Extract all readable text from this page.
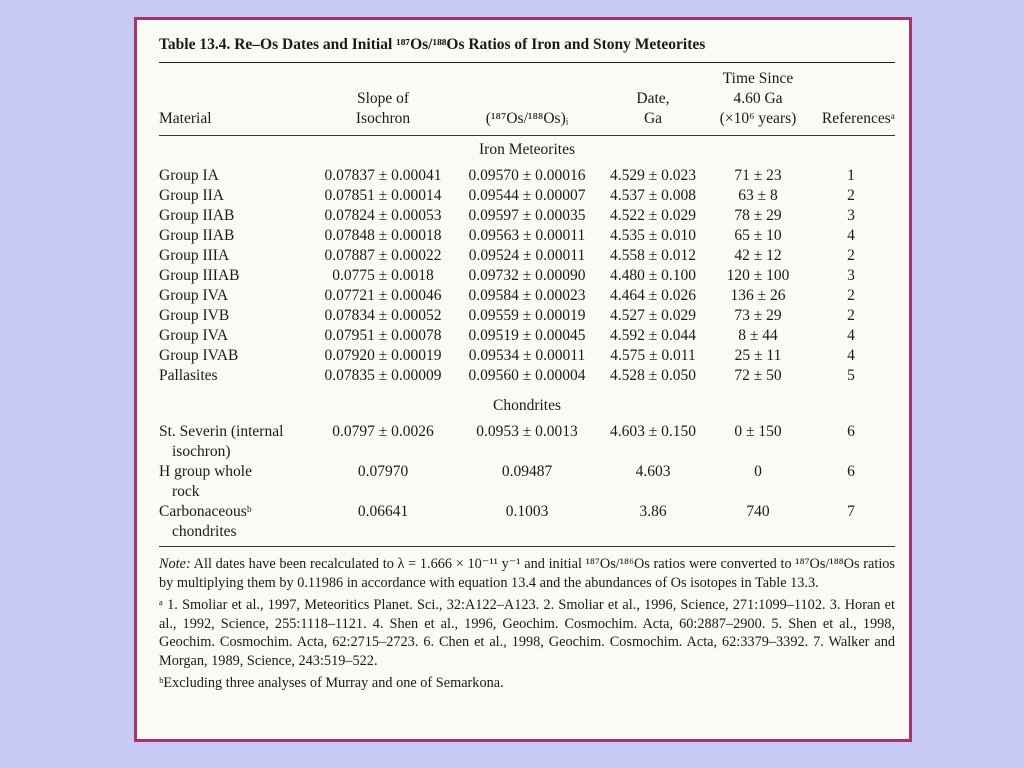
Table 13.4. Re–Os Dates and Initial ¹⁸⁷Os/¹⁸⁸Os Ratios of Iron and Stony Meteorites

				Time Since	
	Slope of		Date,	4.60 Ga	
Material	Isochron	(¹⁸⁷Os/¹⁸⁸Os)ᵢ	Ga	(×10⁶ years)	Referencesᵃ

Iron Meteorites					
Group IA	0.07837 ± 0.00041	0.09570 ± 0.00016	4.529 ± 0.023	71 ± 23	1
Group IIA	0.07851 ± 0.00014	0.09544 ± 0.00007	4.537 ± 0.008	63 ± 8	2
Group IIAB	0.07824 ± 0.00053	0.09597 ± 0.00035	4.522 ± 0.029	78 ± 29	3
Group IIAB	0.07848 ± 0.00018	0.09563 ± 0.00011	4.535 ± 0.010	65 ± 10	4
Group IIIA	0.07887 ± 0.00022	0.09524 ± 0.00011	4.558 ± 0.012	42 ± 12	2
Group IIIAB	0.0775 ± 0.0018	0.09732 ± 0.00090	4.480 ± 0.100	120 ± 100	3
Group IVA	0.07721 ± 0.00046	0.09584 ± 0.00023	4.464 ± 0.026	136 ± 26	2
Group IVB	0.07834 ± 0.00052	0.09559 ± 0.00019	4.527 ± 0.029	73 ± 29	2
Group IVA	0.07951 ± 0.00078	0.09519 ± 0.00045	4.592 ± 0.044	8 ± 44	4
Group IVAB	0.07920 ± 0.00019	0.09534 ± 0.00011	4.575 ± 0.011	25 ± 11	4
Pallasites	0.07835 ± 0.00009	0.09560 ± 0.00004	4.528 ± 0.050	72 ± 50	5
Chondrites					
St. Severin (internal
isochron)	0.0797 ± 0.0026	0.0953 ± 0.0013	4.603 ± 0.150	0 ± 150	6
H group whole
rock	0.07970	0.09487	4.603	0	6
Carbonaceousᵇ
chondrites	0.06641	0.1003	3.86	740	7

Note: All dates have been recalculated to λ = 1.666 × 10⁻¹¹ y⁻¹ and initial ¹⁸⁷Os/¹⁸⁶Os ratios were converted to ¹⁸⁷Os/¹⁸⁸Os ratios by multiplying them by 0.11986 in accordance with equation 13.4 and the abundances of Os isotopes in Table 13.3.

ᵃ 1. Smoliar et al., 1997, Meteoritics Planet. Sci., 32:A122–A123. 2. Smoliar et al., 1996, Science, 271:1099–1102. 3. Horan et al., 1992, Science, 255:1118–1121. 4. Shen et al., 1996, Geochim. Cosmochim. Acta, 60:2887–2900. 5. Shen et al., 1998, Geochim. Cosmochim. Acta, 62:2715–2723. 6. Chen et al., 1998, Geochim. Cosmochim. Acta, 62:3379–3392. 7. Walker and Morgan, 1989, Science, 243:519–522.

ᵇExcluding three analyses of Murray and one of Semarkona.
